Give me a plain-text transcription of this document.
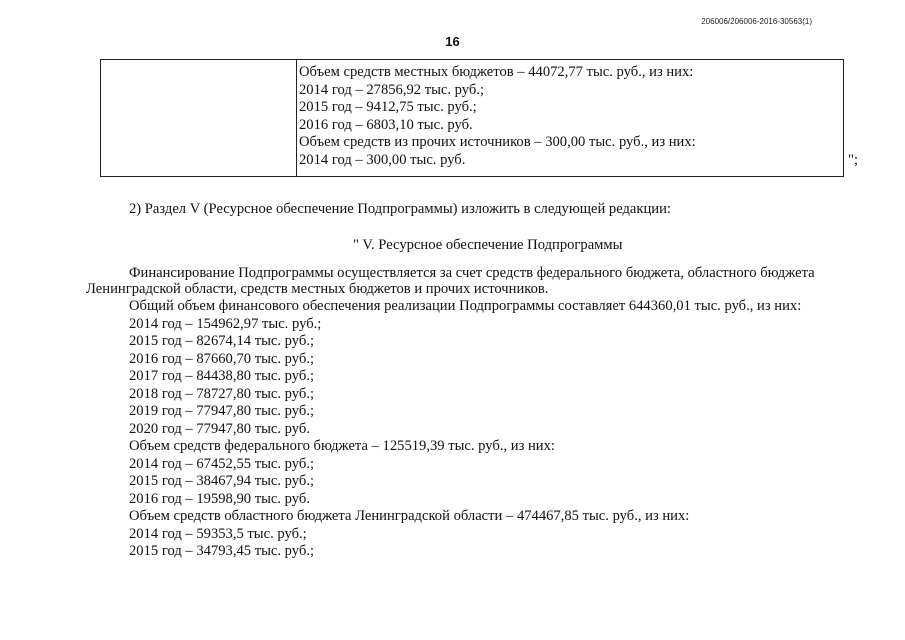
206006/206006-2016-30563(1)
16
Объем средств местных бюджетов – 44072,77 тыс. руб., из них:
2014 год – 27856,92 тыс. руб.;
2015 год – 9412,75 тыс. руб.;
2016 год – 6803,10 тыс. руб.
Объем средств из прочих источников – 300,00 тыс. руб., из них:
2014 год – 300,00 тыс. руб.	";
2) Раздел V (Ресурсное обеспечение Подпрограммы) изложить в следующей редакции:
" V. Ресурсное обеспечение Подпрограммы
Финансирование Подпрограммы осуществляется за счет средств федерального бюджета, областного бюджета
Ленинградской области, средств местных бюджетов и прочих источников.
Общий объем финансового обеспечения реализации Подпрограммы составляет 644360,01 тыс. руб., из них:
2014 год – 154962,97 тыс. руб.;
2015 год – 82674,14 тыс. руб.;
2016 год – 87660,70 тыс. руб.;
2017 год – 84438,80 тыс. руб.;
2018 год – 78727,80 тыс. руб.;
2019 год – 77947,80 тыс. руб.;
2020 год – 77947,80 тыс. руб.
Объем средств федерального бюджета – 125519,39 тыс. руб., из них:
2014 год – 67452,55 тыс. руб.;
2015 год – 38467,94 тыс. руб.;
2016 год – 19598,90 тыс. руб.
Объем средств областного бюджета Ленинградской области – 474467,85 тыс. руб., из них:
2014 год – 59353,5 тыс. руб.;
2015 год – 34793,45 тыс. руб.;
